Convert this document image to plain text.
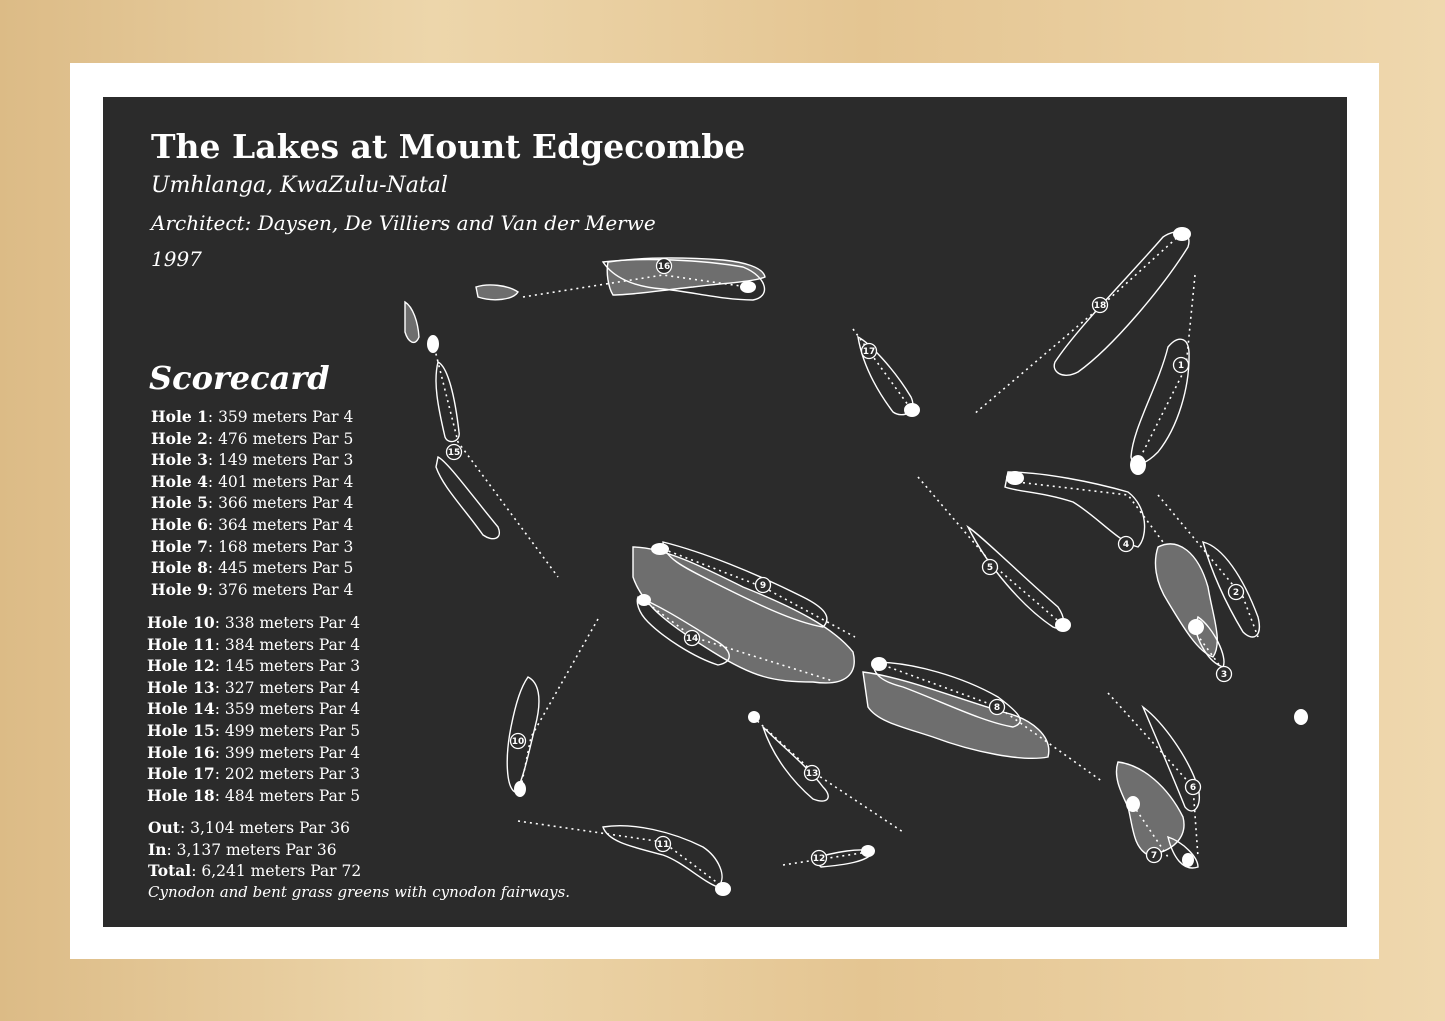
The Lakes at Mount Edgecombe
Umhlanga, KwaZulu-Natal
Architect: Daysen, De Villiers and Van der Merwe
1997
Scorecard
Hole 1: 359 meters Par 4
Hole 2: 476 meters Par 5
Hole 3: 149 meters Par 3
Hole 4: 401 meters Par 4
Hole 5: 366 meters Par 4
Hole 6: 364 meters Par 4
Hole 7: 168 meters Par 3
Hole 8: 445 meters Par 5
Hole 9: 376 meters Par 4
Hole 10: 338 meters Par 4
Hole 11: 384 meters Par 4
Hole 12: 145 meters Par 3
Hole 13: 327 meters Par 4
Hole 14: 359 meters Par 4
Hole 15: 499 meters Par 5
Hole 16: 399 meters Par 4
Hole 17: 202 meters Par 3
Hole 18: 484 meters Par 5
Out: 3,104 meters Par 36
In: 3,137 meters Par 36
Total: 6,241 meters Par 72
Cynodon and bent grass greens with cynodon fairways.
1
2
3
4
5
6
7
8
9
10
11
12
13
14
15
16
17
18
